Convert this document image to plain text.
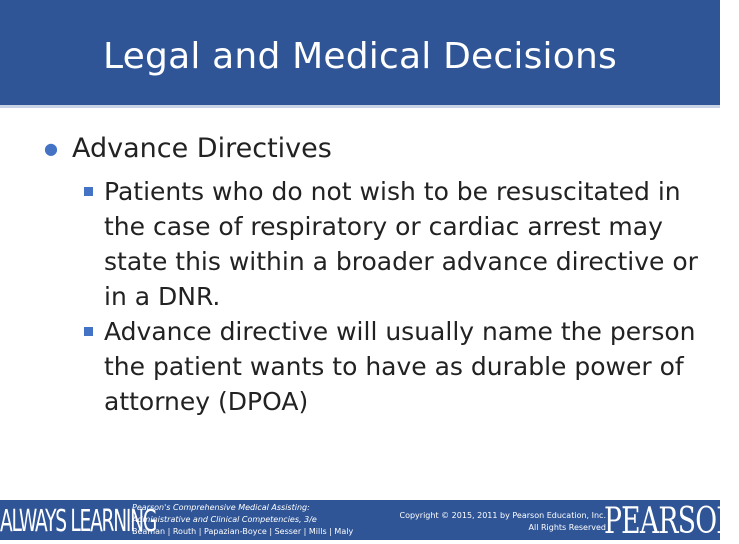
Legal and Medical Decisions
● Advance Directives
Patients who do not wish to be resuscitated in the case of respiratory or cardiac arrest may state this within a broader advance directive or in a DNR.
Advance directive will usually name the person the patient wants to have as durable power of attorney (DPOA)
ALWAYS LEARNING
Pearson's Comprehensive Medical Assisting:
Administrative and Clinical Competencies, 3/e
Beaman | Routh | Papazian-Boyce | Sesser | Mills | Maly
Copyright © 2015, 2011 by Pearson Education, Inc.
All Rights Reserved
PEARSON
